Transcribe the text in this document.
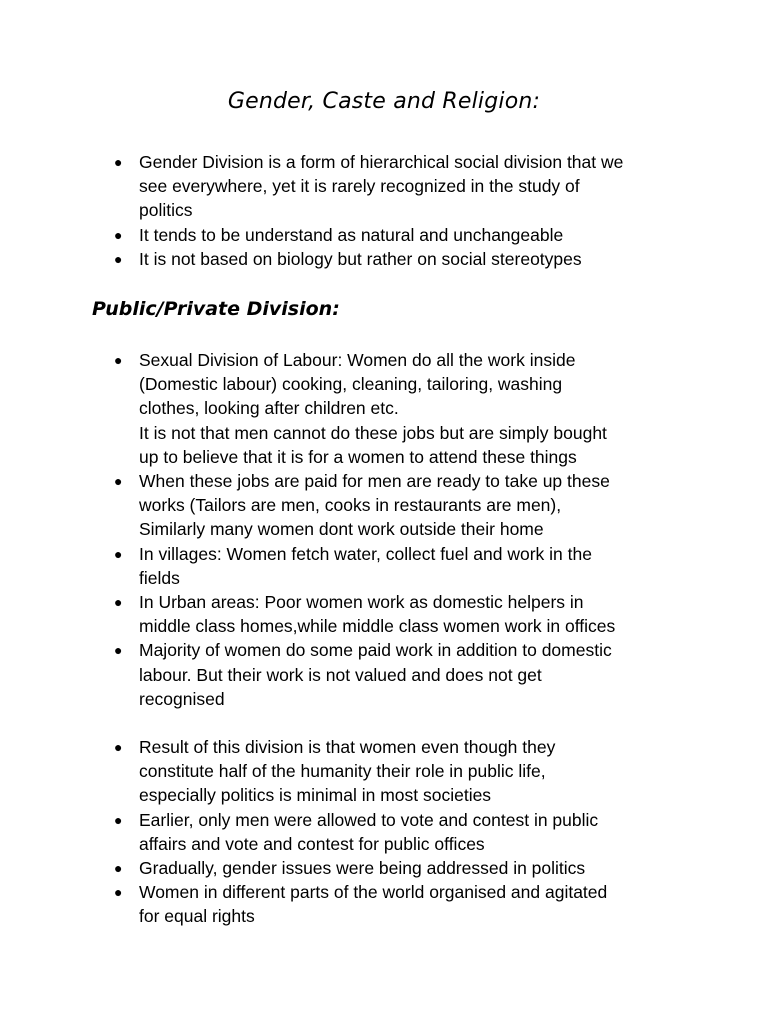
Gender, Caste and Religion:
● Gender Division is a form of hierarchical social division that we
see everywhere, yet it is rarely recognized in the study of
politics
● It tends to be understand as natural and unchangeable
● It is not based on biology but rather on social stereotypes
Public/Private Division:
● Sexual Division of Labour: Women do all the work inside
(Domestic labour) cooking, cleaning, tailoring, washing
clothes, looking after children etc.
It is not that men cannot do these jobs but are simply bought
up to believe that it is for a women to attend these things
● When these jobs are paid for men are ready to take up these
works (Tailors are men, cooks in restaurants are men),
Similarly many women dont work outside their home
● In villages: Women fetch water, collect fuel and work in the
fields
● In Urban areas: Poor women work as domestic helpers in
middle class homes,while middle class women work in offices
● Majority of women do some paid work in addition to domestic
labour. But their work is not valued and does not get
recognised
● Result of this division is that women even though they
constitute half of the humanity their role in public life,
especially politics is minimal in most societies
● Earlier, only men were allowed to vote and contest in public
affairs and vote and contest for public offices
● Gradually, gender issues were being addressed in politics
● Women in different parts of the world organised and agitated
for equal rights
